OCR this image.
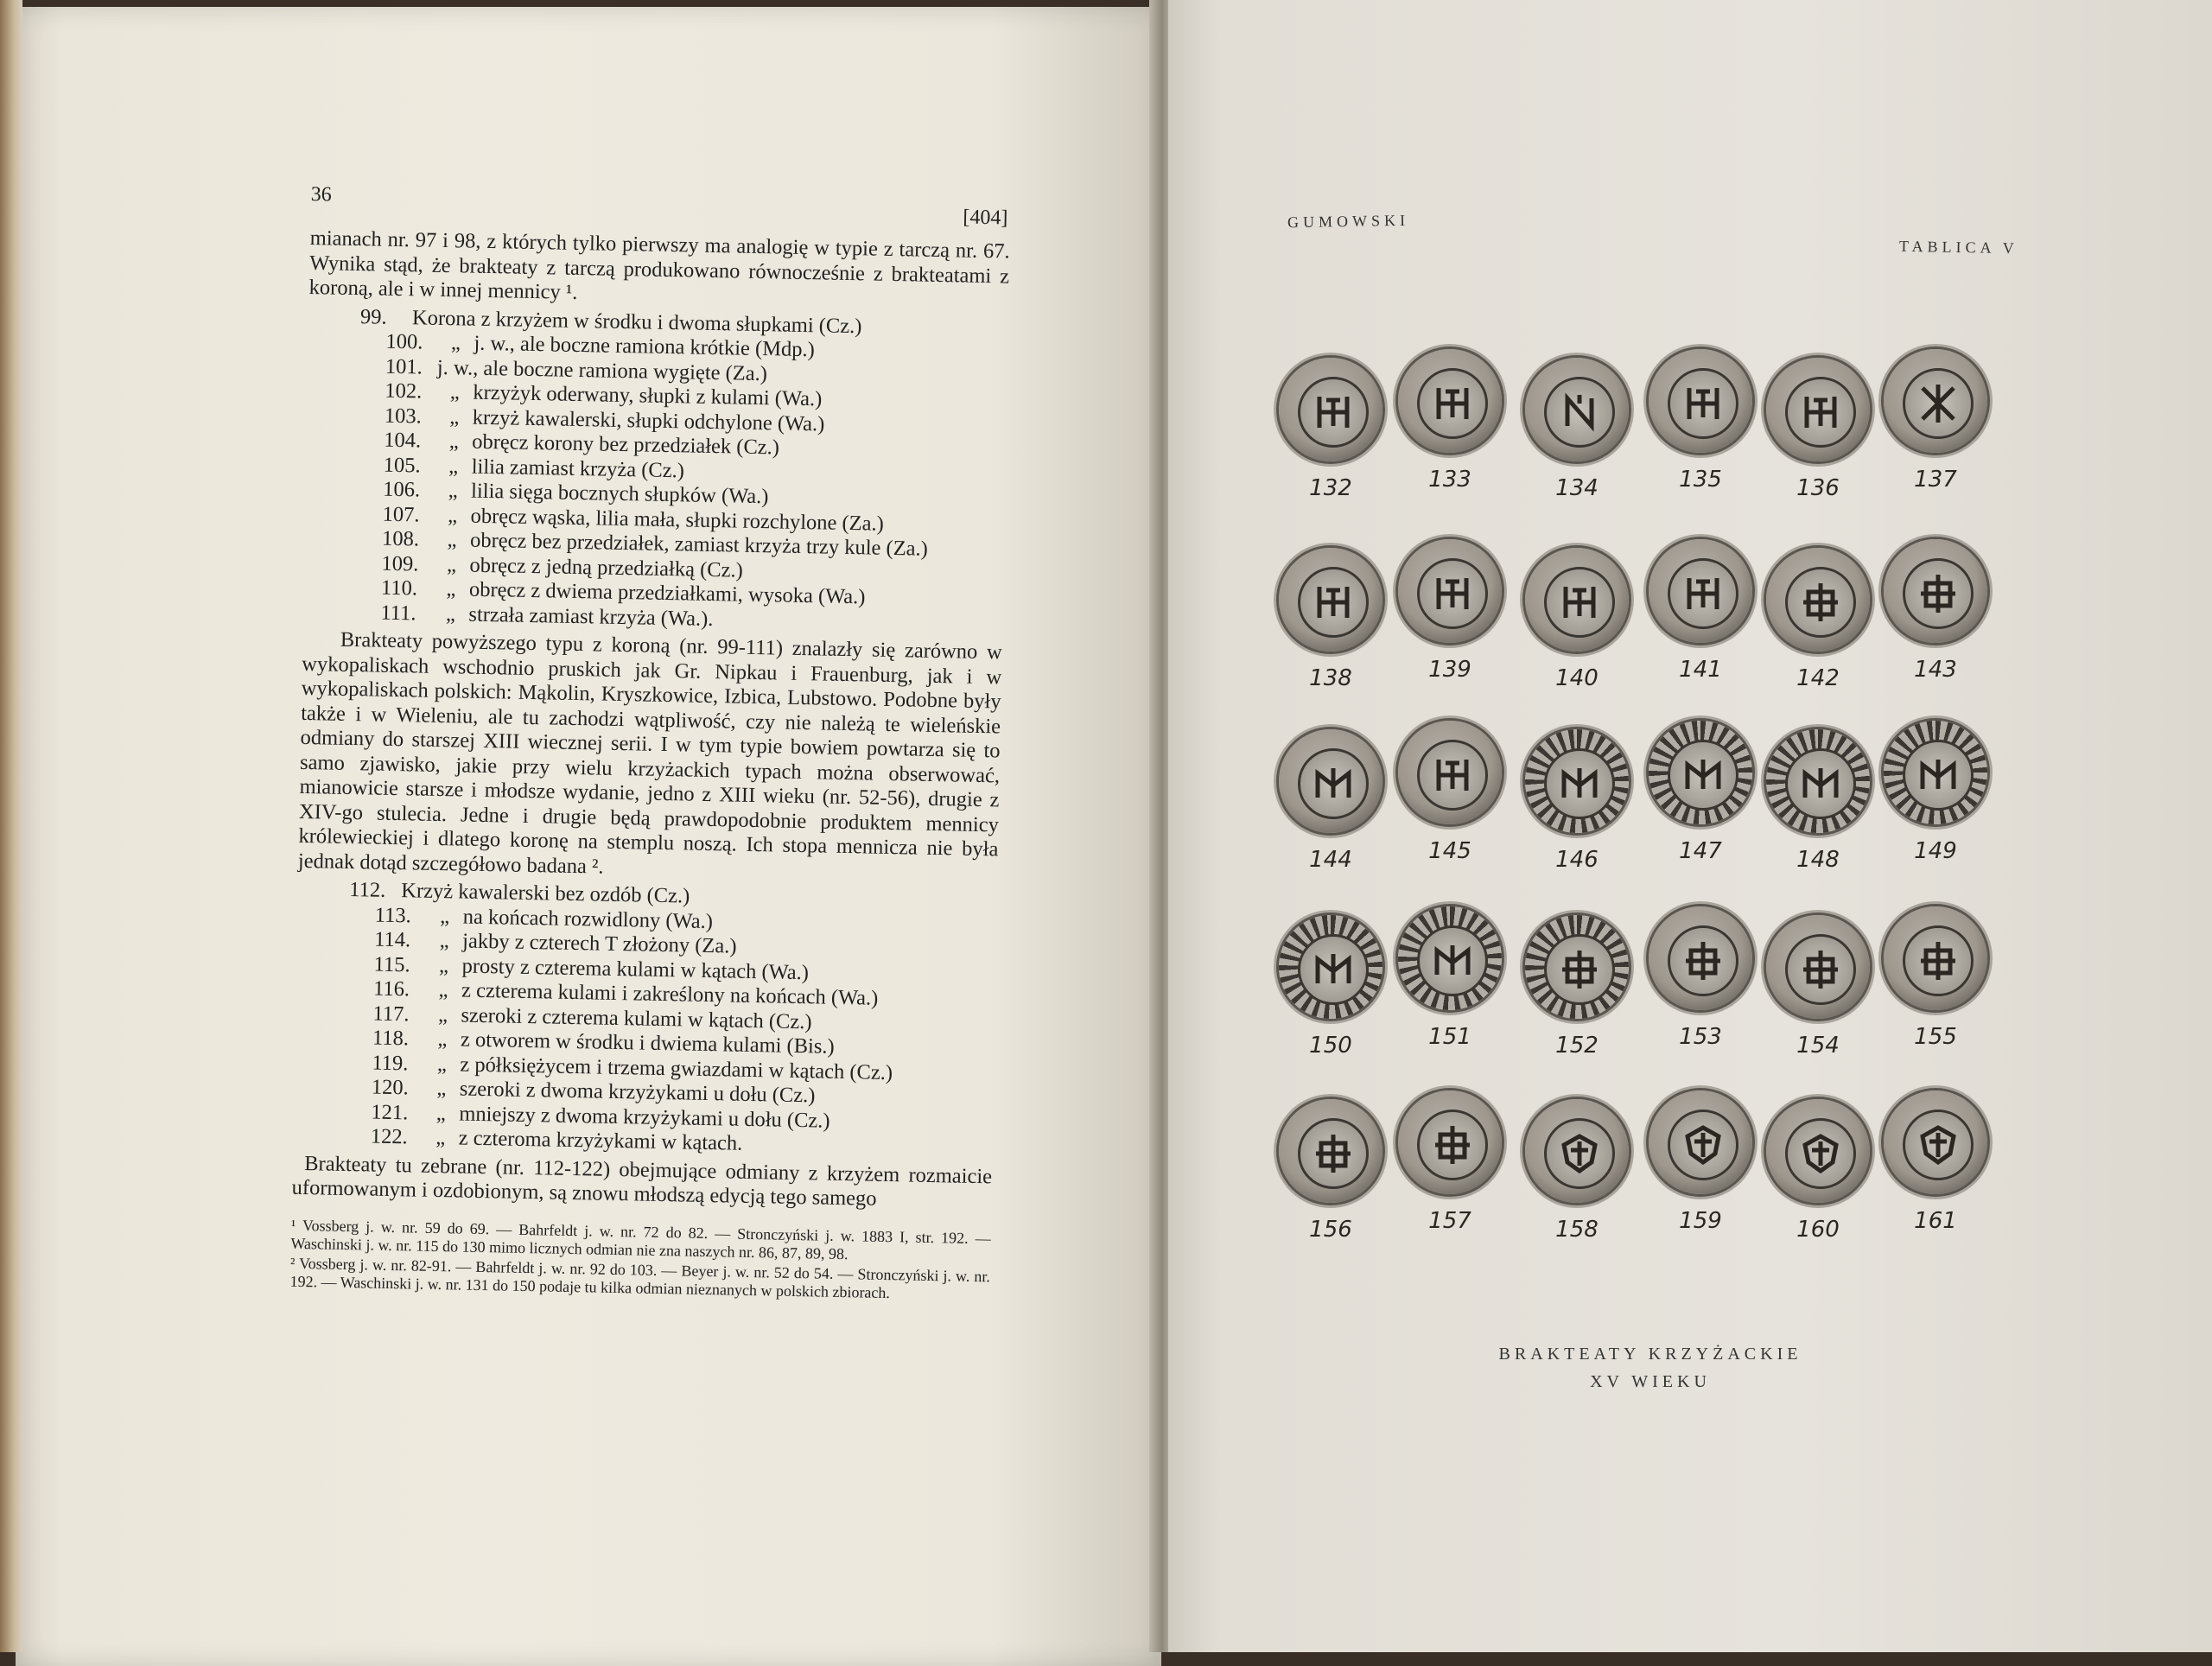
36
[404]

mianach nr. 97 i 98, z których tylko pierwszy ma analogię w typie z tarczą nr. 67. Wynika stąd, że brakteaty z tarczą produkowano równocześnie z brakteatami z koroną, ale i w innej mennicy ¹.

99.	Korona z krzyżem w środku i dwoma słupkami (Cz.)
100.	„ j. w., ale boczne ramiona krótkie (Mdp.)
101. j. w., ale boczne ramiona wygięte (Za.)
102.	„ krzyżyk oderwany, słupki z kulami (Wa.)
103.	„ krzyż kawalerski, słupki odchylone (Wa.)
104.	„ obręcz korony bez przedziałek (Cz.)
105.	„ lilia zamiast krzyża (Cz.)
106.	„ lilia sięga bocznych słupków (Wa.)
107.	„ obręcz wąska, lilia mała, słupki rozchylone (Za.)
108.	„ obręcz bez przedziałek, zamiast krzyża trzy kule (Za.)
109.	„ obręcz z jedną przedziałką (Cz.)
110.	„ obręcz z dwiema przedziałkami, wysoka (Wa.)
111.	„ strzała zamiast krzyża (Wa.).

Brakteaty powyższego typu z koroną (nr. 99-111) znalazły się zarówno w wykopaliskach wschodnio pruskich jak Gr. Nipkau i Frauenburg, jak i w wykopaliskach polskich: Mąkolin, Kryszkowice, Izbica, Lubstowo. Podobne były także i w Wieleniu, ale tu zachodzi wątpliwość, czy nie należą te wieleńskie odmiany do starszej XIII wiecznej serii. I w tym typie bowiem powtarza się to samo zjawisko, jakie przy wielu krzyżackich typach można obserwować, mianowicie starsze i młodsze wydanie, jedno z XIII wieku (nr. 52-56), drugie z XIV-go stulecia. Jedne i drugie będą prawdopodobnie produktem mennicy królewieckiej i dlatego koronę na stemplu noszą. Ich stopa mennicza nie była jednak dotąd szczegółowo badana ².

112. Krzyż kawalerski bez ozdób (Cz.)
113.	„ na końcach rozwidlony (Wa.)
114.	„ jakby z czterech T złożony (Za.)
115.	„ prosty z czterema kulami w kątach (Wa.)
116.	„ z czterema kulami i zakreślony na końcach (Wa.)
117.	„ szeroki z czterema kulami w kątach (Cz.)
118.	„ z otworem w środku i dwiema kulami (Bis.)
119.	„ z półksiężycem i trzema gwiazdami w kątach (Cz.)
120.	„ szeroki z dwoma krzyżykami u dołu (Cz.)
121.	„ mniejszy z dwoma krzyżykami u dołu (Cz.)
122.	„ z czteroma krzyżykami w kątach.

Brakteaty tu zebrane (nr. 112-122) obejmujące odmiany z krzyżem rozmaicie uformowanym i ozdobionym, są znowu młodszą edycją tego samego

¹ Vossberg j. w. nr. 59 do 69. — Bahrfeldt j. w. nr. 72 do 82. — Stronczyński j. w. 1883 I, str. 192. — Waschinski j. w. nr. 115 do 130 mimo licznych odmian nie zna naszych nr. 86, 87, 89, 98.

² Vossberg j. w. nr. 82-91. — Bahrfeldt j. w. nr. 92 do 103. — Beyer j. w. nr. 52 do 54. — Stronczyński j. w. nr. 192. — Waschinski j. w. nr. 131 do 150 podaje tu kilka odmian nieznanych w polskich zbiorach.

GUMOWSKI
TABLICA V
132	133	134	135	136	137
138	139	140	141	142	143
144	145	146	147	148	149
150	151	152	153	154	155
156	157	158	159	160	161
BRAKTEATY KRZYŻACKIE
XV WIEKU
